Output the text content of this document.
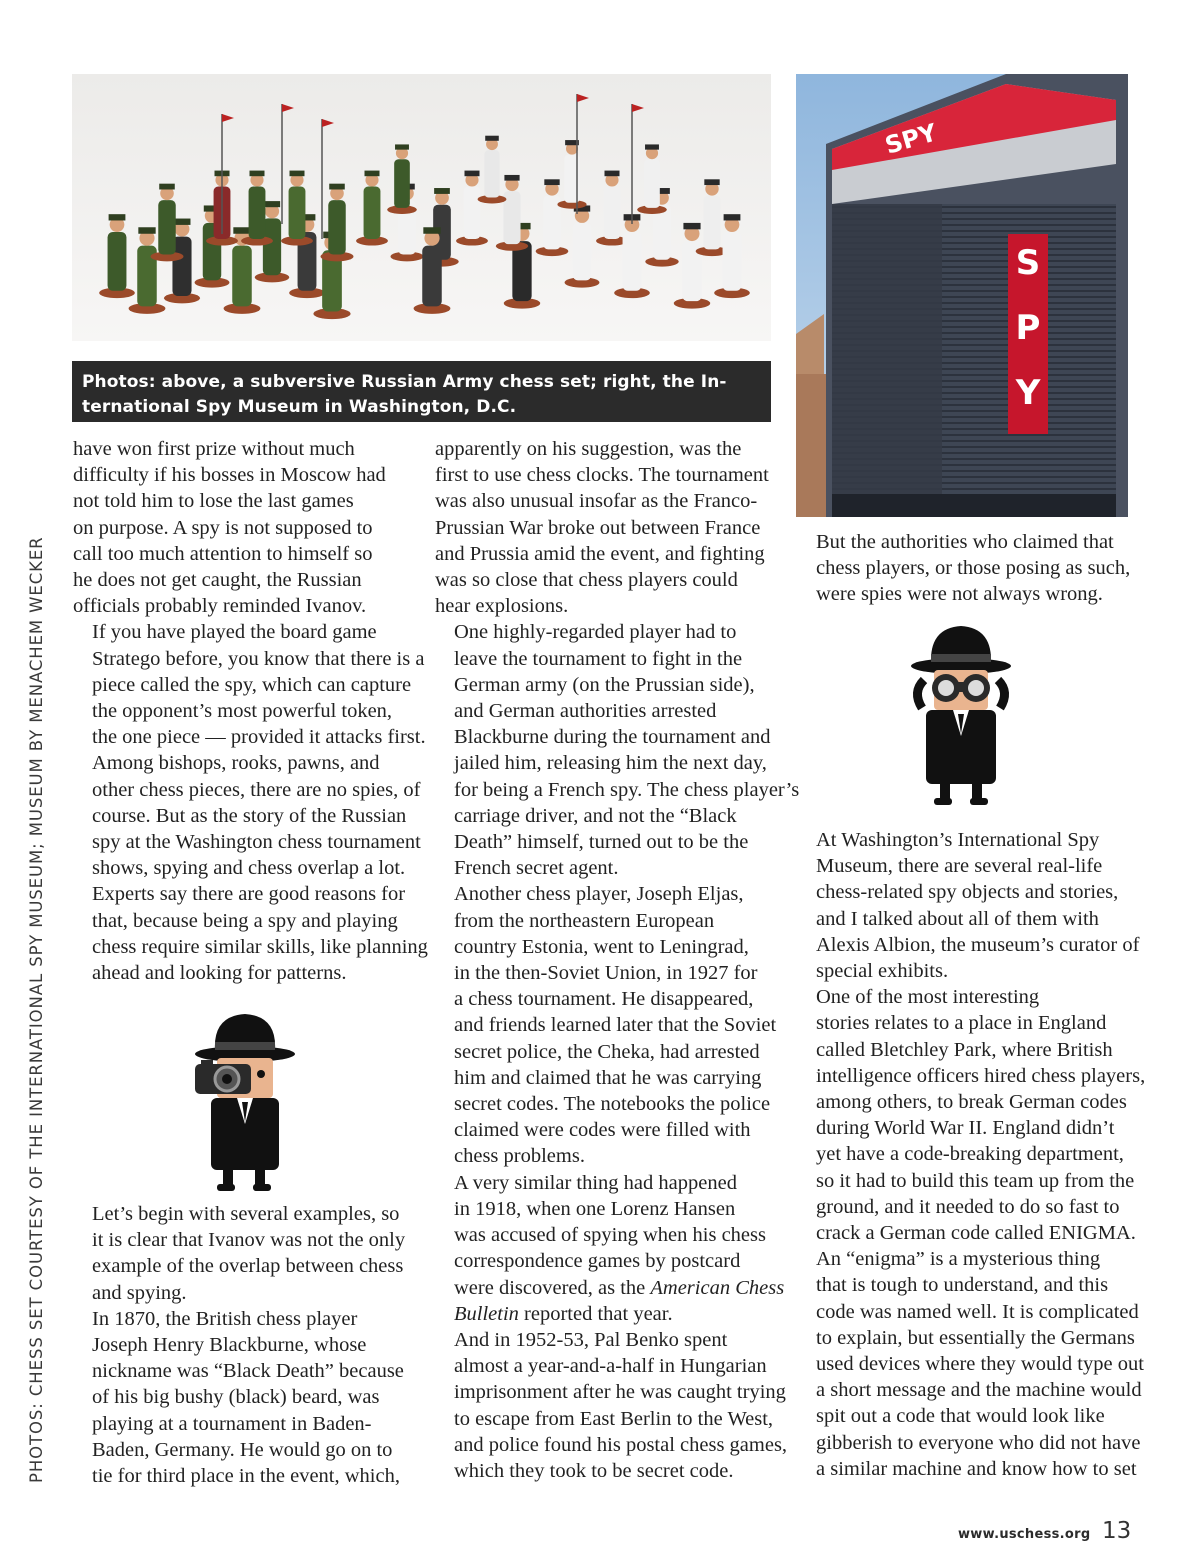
PHOTOS: CHESS SET COURTESY OF THE INTERNATIONAL SPY MUSEUM; MUSEUM BY MENACHEM WECKER
Photos: above, a subversive Russian Army chess set; right, the In-
ternational Spy Museum in Washington, D.C.
SPY
S
P
Y

have won first prize without much
difficulty if his bosses in Moscow had
not told him to lose the last games
on purpose. A spy is not supposed to
call too much attention to himself so
he does not get caught, the Russian
officials probably reminded Ivanov.

If you have played the board game
Stratego before, you know that there is a
piece called the spy, which can capture
the opponent’s most powerful token,
the one piece — provided it attacks first.
Among bishops, rooks, pawns, and
other chess pieces, there are no spies, of
course. But as the story of the Russian
spy at the Washington chess tournament
shows, spying and chess overlap a lot.
Experts say there are good reasons for
that, because being a spy and playing
chess require similar skills, like planning
ahead and looking for patterns.

Let’s begin with several examples, so
it is clear that Ivanov was not the only
example of the overlap between chess
and spying.

In 1870, the British chess player
Joseph Henry Blackburne, whose
nickname was “Black Death” because
of his big bushy (black) beard, was
playing at a tournament in Baden-
Baden, Germany. He would go on to
tie for third place in the event, which,

apparently on his suggestion, was the
first to use chess clocks. The tournament
was also unusual insofar as the Franco-
Prussian War broke out between France
and Prussia amid the event, and fighting
was so close that chess players could
hear explosions.

One highly-regarded player had to
leave the tournament to fight in the
German army (on the Prussian side),
and German authorities arrested
Blackburne during the tournament and
jailed him, releasing him the next day,
for being a French spy. The chess player’s
carriage driver, and not the “Black
Death” himself, turned out to be the
French secret agent.

Another chess player, Joseph Eljas,
from the northeastern European
country Estonia, went to Leningrad,
in the then-Soviet Union, in 1927 for
a chess tournament. He disappeared,
and friends learned later that the Soviet
secret police, the Cheka, had arrested
him and claimed that he was carrying
secret codes. The notebooks the police
claimed were codes were filled with
chess problems.

A very similar thing had happened
in 1918, when one Lorenz Hansen
was accused of spying when his chess
correspondence games by postcard
were discovered, as the American Chess
Bulletin reported that year.

And in 1952-53, Pal Benko spent
almost a year-and-a-half in Hungarian
imprisonment after he was caught trying
to escape from East Berlin to the West,
and police found his postal chess games,
which they took to be secret code.

But the authorities who claimed that
chess players, or those posing as such,
were spies were not always wrong.

At Washington’s International Spy
Museum, there are several real-life
chess-related spy objects and stories,
and I talked about all of them with
Alexis Albion, the museum’s curator of
special exhibits.

One of the most interesting
stories relates to a place in England
called Bletchley Park, where British
intelligence officers hired chess players,
among others, to break German codes
during World War II. England didn’t
yet have a code-breaking department,
so it had to build this team up from the
ground, and it needed to do so fast to
crack a German code called ENIGMA.

An “enigma” is a mysterious thing
that is tough to understand, and this
code was named well. It is complicated
to explain, but essentially the Germans
used devices where they would type out
a short message and the machine would
spit out a code that would look like
gibberish to everyone who did not have
a similar machine and know how to set

www.uschess.org 13
